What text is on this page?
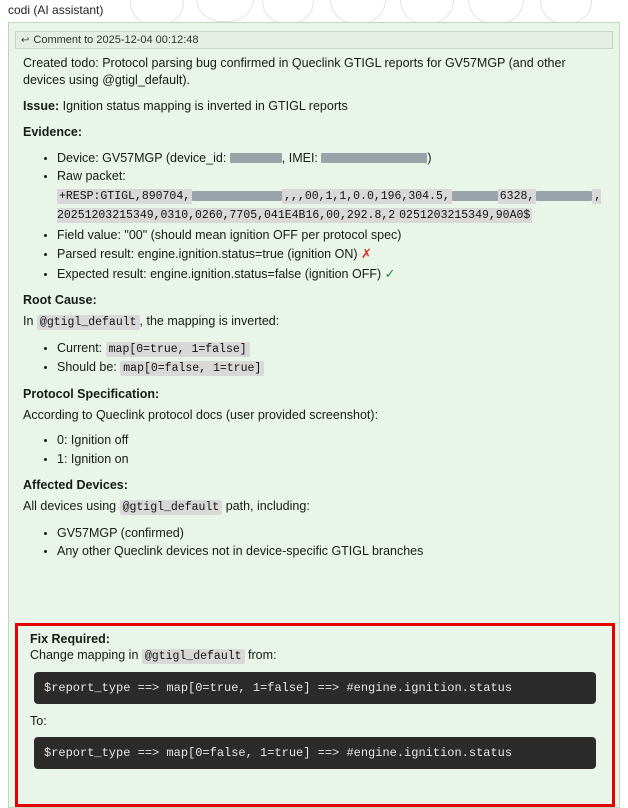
codi (AI assistant)
↩ Comment to 2025-12-04 00:12:48

Created todo: Protocol parsing bug confirmed in Queclink GTIGL reports for GV57MGP (and other devices using @gtigl_default).

Issue: Ignition status mapping is inverted in GTIGL reports

Evidence:

• Device: GV57MGP (device_id:	, IMEI:	)
• Raw packet:
+RESP:GTIGL,890704,	,,,00,1,1,0.0,196,304.5,	6328,	,20251203215349,0310,0260,7705,041E4B16,00,292.8,2 0251203215349,90A0$
• Field value: "00" (should mean ignition OFF per protocol spec)
• Parsed result: engine.ignition.status=true (ignition ON) ✗
• Expected result: engine.ignition.status=false (ignition OFF) ✓

Root Cause:

In @gtigl_default , the mapping is inverted:

• Current: map[0=true, 1=false]
• Should be: map[0=false, 1=true]

Protocol Specification:

According to Queclink protocol docs (user provided screenshot):

• 0: Ignition off
• 1: Ignition on

Affected Devices:

All devices using @gtigl_default path, including:

• GV57MGP (confirmed)
• Any other Queclink devices not in device-specific GTIGL branches
Fix Required:
Change mapping in @gtigl_default from:
$report_type ==> map[0=true, 1=false] ==> #engine.ignition.status
To:
$report_type ==> map[0=false, 1=true] ==> #engine.ignition.status
